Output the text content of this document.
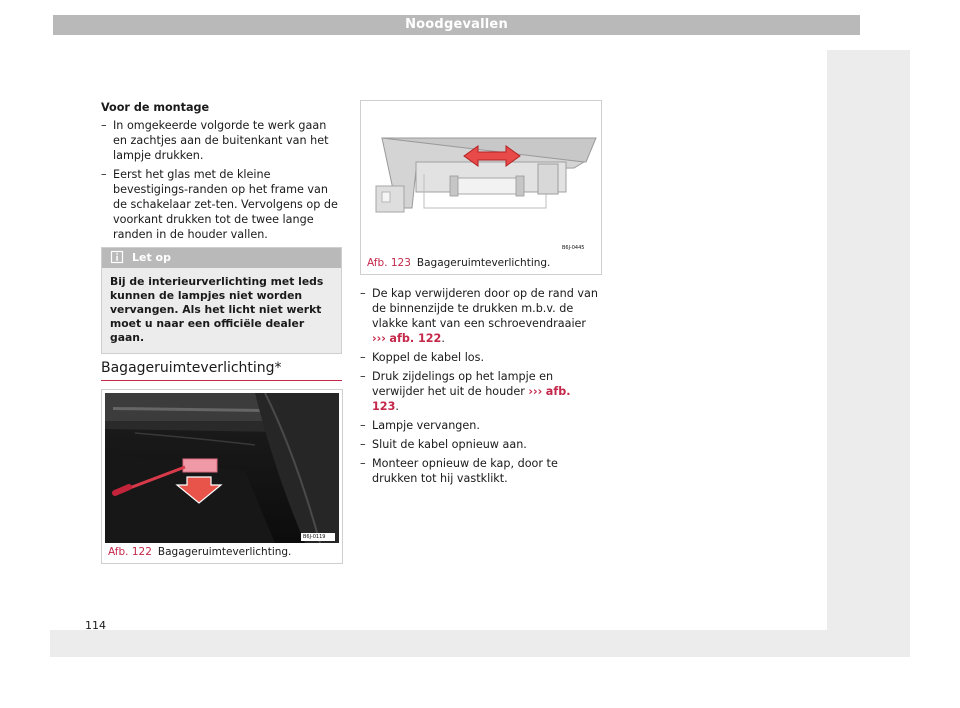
Noodgevallen
Voor de montage
– In omgekeerde volgorde te werk gaan en zachtjes aan de buitenkant van het lampje drukken.
– Eerst het glas met de kleine bevestigings-randen op het frame van de schakelaar zet-ten. Vervolgens op de voorkant drukken tot de twee lange randen in de houder vallen.
Let op
Bij de interieurverlichting met leds kunnen de lampjes niet worden vervangen. Als het licht niet werkt moet u naar een officiële dealer gaan.
Bagageruimteverlichting*
B6J-0119
Afb. 122 Bagageruimteverlichting.
B6J-0445
Afb. 123 Bagageruimteverlichting.
– De kap verwijderen door op de rand van de binnenzijde te drukken m.b.v. de vlakke kant van een schroevendraaier ››› afb. 122.
– Koppel de kabel los.
– Druk zijdelings op het lampje en verwijder het uit de houder ››› afb. 123.
– Lampje vervangen.
– Sluit de kabel opnieuw aan.
– Monteer opnieuw de kap, door te drukken tot hij vastklikt.
114
